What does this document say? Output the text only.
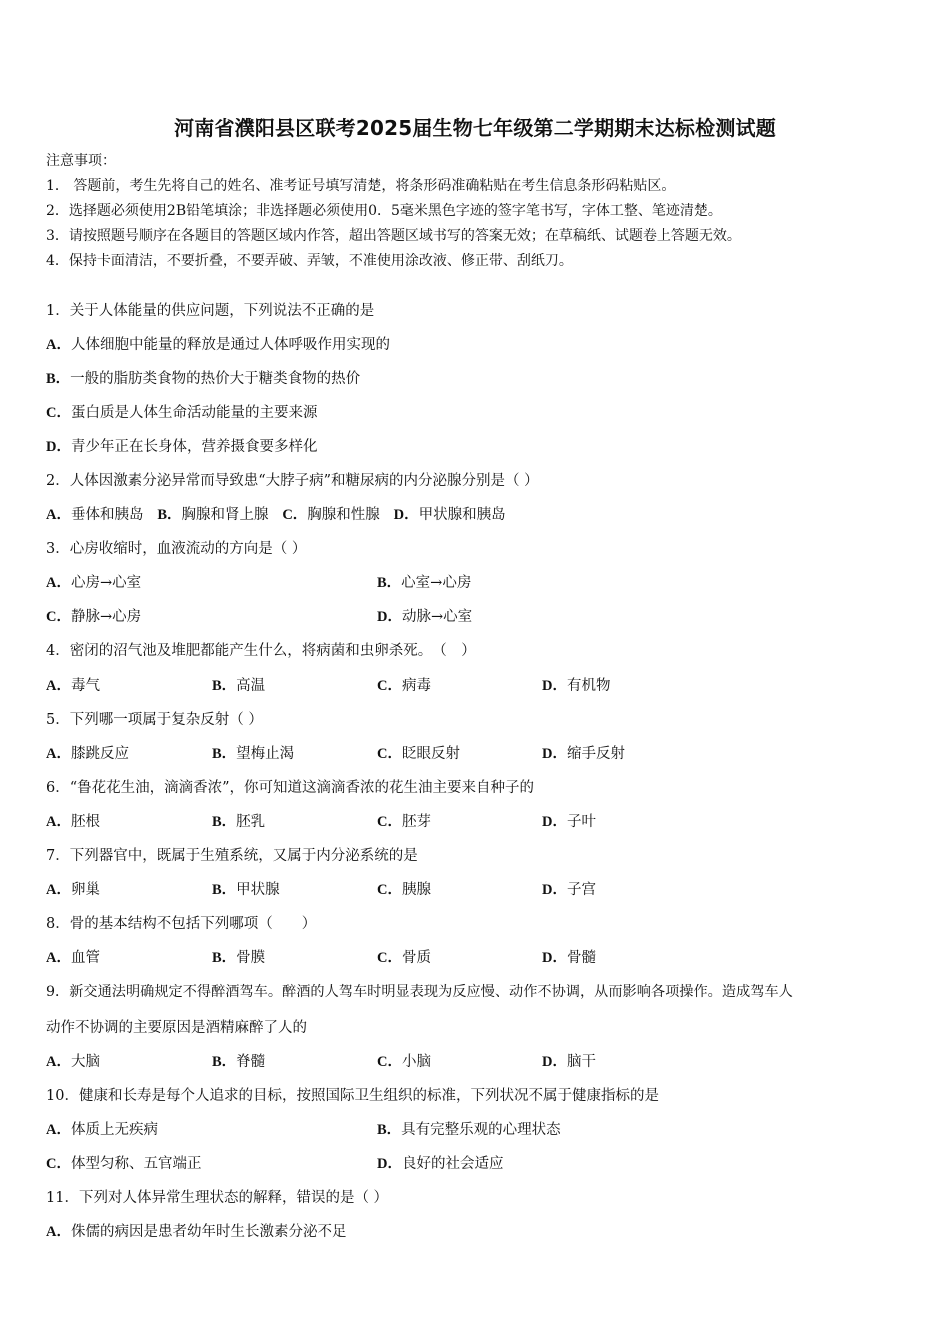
河南省濮阳县区联考2025届生物七年级第二学期期末达标检测试题
注意事项：
1． 答题前，考生先将自己的姓名、准考证号填写清楚，将条形码准确粘贴在考生信息条形码粘贴区。
2．选择题必须使用2B铅笔填涂；非选择题必须使用0．5毫米黑色字迹的签字笔书写，字体工整、笔迹清楚。
3．请按照题号顺序在各题目的答题区域内作答，超出答题区域书写的答案无效；在草稿纸、试题卷上答题无效。
4．保持卡面清洁，不要折叠，不要弄破、弄皱，不准使用涂改液、修正带、刮纸刀。
1．关于人体能量的供应问题，下列说法不正确的是
A．人体细胞中能量的释放是通过人体呼吸作用实现的
B．一般的脂肪类食物的热价大于糖类食物的热价
C．蛋白质是人体生命活动能量的主要来源
D．青少年正在长身体，营养摄食要多样化
2．人体因激素分泌异常而导致患“大脖子病”和糖尿病的内分泌腺分别是（ ）
A．垂体和胰岛 B．胸腺和肾上腺 C．胸腺和性腺 D．甲状腺和胰岛
3．心房收缩时，血液流动的方向是（ ）
A．心房→心室	B．心室→心房
C．静脉→心房	D．动脉→心室
4．密闭的沼气池及堆肥都能产生什么，将病菌和虫卵杀死。　（　）
A．毒气	B．高温	C．病毒	D．有机物
5．下列哪一项属于复杂反射（ ）
A．膝跳反应	B．望梅止渴	C．眨眼反射	D．缩手反射
6．“鲁花花生油，滴滴香浓”，你可知道这滴滴香浓的花生油主要来自种子的
A．胚根	B．胚乳	C．胚芽	D．子叶
7．下列器官中，既属于生殖系统，又属于内分泌系统的是
A．卵巢	B．甲状腺	C．胰腺	D．子宫
8．骨的基本结构不包括下列哪项（　　）
A．血管	B．骨膜	C．骨质	D．骨髓
9．新交通法明确规定不得醉酒驾车。醉酒的人驾车时明显表现为反应慢、动作不协调，从而影响各项操作。造成驾车人
动作不协调的主要原因是酒精麻醉了人的
A．大脑	B．脊髓	C．小脑	D．脑干
10．健康和长寿是每个人追求的目标，按照国际卫生组织的标准，下列状况不属于健康指标的是
A．体质上无疾病	B．具有完整乐观的心理状态
C．体型匀称、五官端正	D．良好的社会适应
11．下列对人体异常生理状态的解释，错误的是（ ）
A．侏儒的病因是患者幼年时生长激素分泌不足
